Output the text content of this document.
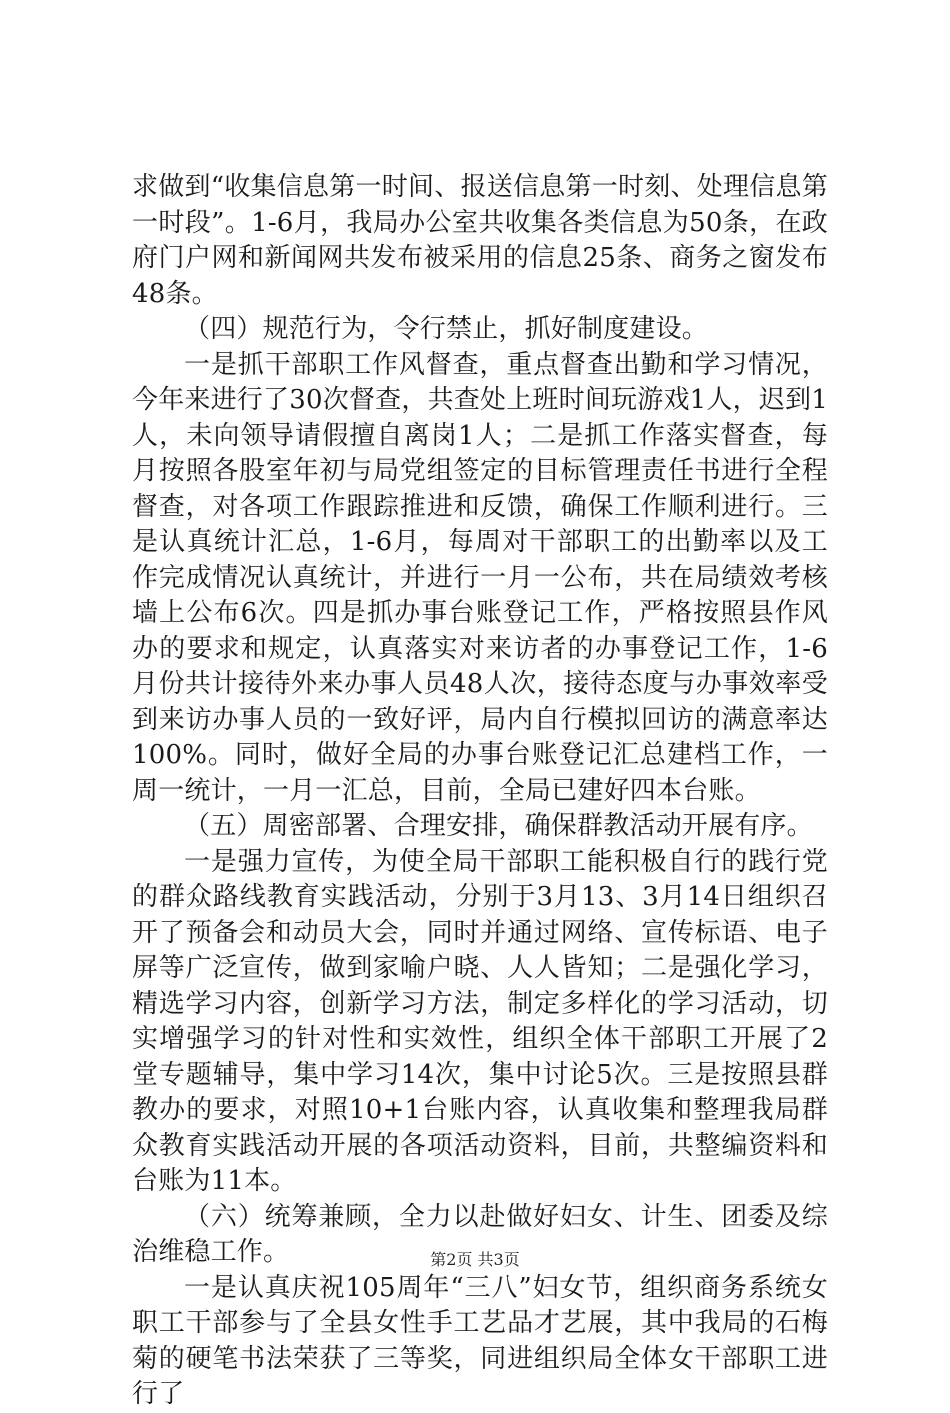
求做到“收集信息第一时间、报送信息第一时刻、处理信息第一时段”。1-6月，我局办公室共收集各类信息为50条，在政府门户网和新闻网共发布被采用的信息25条、商务之窗发布48条。

（四）规范行为，令行禁止，抓好制度建设。

一是抓干部职工作风督查，重点督查出勤和学习情况，今年来进行了30次督查，共查处上班时间玩游戏1人，迟到1人，未向领导请假擅自离岗1人；二是抓工作落实督查，每月按照各股室年初与局党组签定的目标管理责任书进行全程督查，对各项工作跟踪推进和反馈，确保工作顺利进行。三是认真统计汇总，1-6月，每周对干部职工的出勤率以及工作完成情况认真统计，并进行一月一公布，共在局绩效考核墙上公布6次。四是抓办事台账登记工作，严格按照县作风办的要求和规定，认真落实对来访者的办事登记工作，1-6月份共计接待外来办事人员48人次，接待态度与办事效率受到来访办事人员的一致好评，局内自行模拟回访的满意率达100%。同时，做好全局的办事台账登记汇总建档工作，一周一统计，一月一汇总，目前，全局已建好四本台账。

（五）周密部署、合理安排，确保群教活动开展有序。

一是强力宣传，为使全局干部职工能积极自行的践行党的群众路线教育实践活动，分别于3月13、3月14日组织召开了预备会和动员大会，同时并通过网络、宣传标语、电子屏等广泛宣传，做到家喻户晓、人人皆知；二是强化学习，精选学习内容，创新学习方法，制定多样化的学习活动，切实增强学习的针对性和实效性，组织全体干部职工开展了2堂专题辅导，集中学习14次，集中讨论5次。三是按照县群教办的要求，对照10+1台账内容，认真收集和整理我局群众教育实践活动开展的各项活动资料，目前，共整编资料和台账为11本。

（六）统筹兼顾，全力以赴做好妇女、计生、团委及综治维稳工作。

一是认真庆祝105周年“三八”妇女节，组织商务系统女职工干部参与了全县女性手工艺品才艺展，其中我局的石梅菊的硬笔书法荣获了三等奖，同进组织局全体女干部职工进行了

第2页 共3页
